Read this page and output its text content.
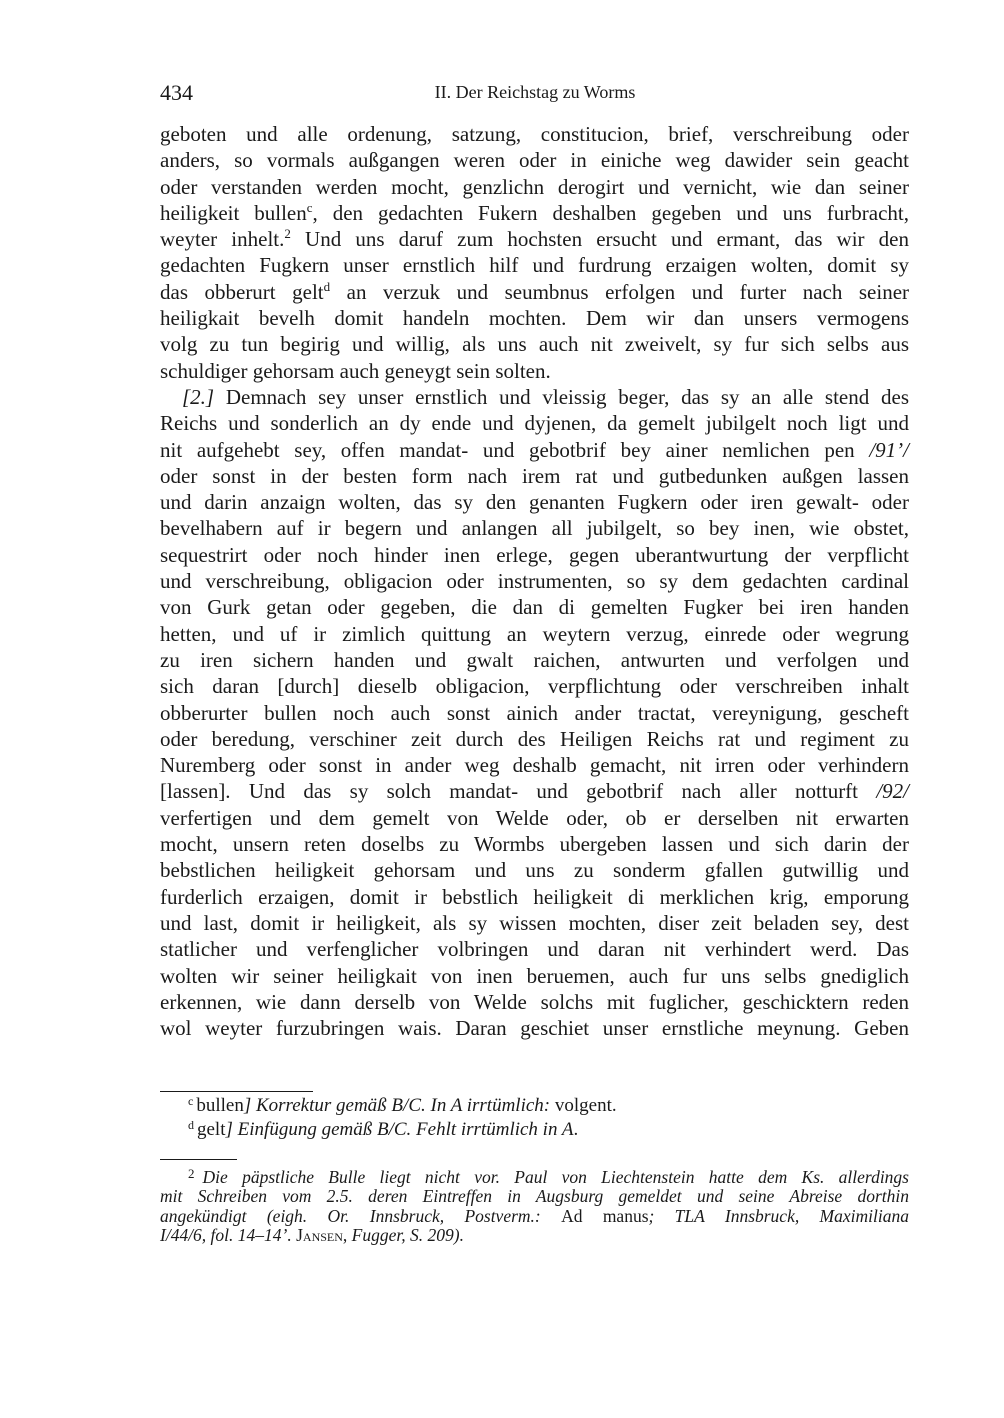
434	II. Der Reichstag zu Worms
geboten und alle ordenung, satzung, constitucion, brief, verschreibung oder
anders, so vormals außgangen weren oder in einiche weg dawider sein geacht
oder verstanden werden mocht, genzlichn derogirt und vernicht, wie dan seiner
heiligkeit bullen$^c$, den gedachten Fukern deshalben gegeben und uns furbracht,
weyter inhelt.$^2$ Und uns daruf zum hochsten ersucht und ermant, das wir den
gedachten Fugkern unser ernstlich hilf und furdrung erzaigen wolten, domit sy
das obberurt gelt$^d$ an verzuk und seumbnus erfolgen und furter nach seiner
heiligkait bevelh domit handeln mochten. Dem wir dan unsers vermogens
volg zu tun begirig und willig, als uns auch nit zweivelt, sy fur sich selbs aus
schuldiger gehorsam auch geneygt sein solten.
[2.] Demnach sey unser ernstlich und vleissig beger, das sy an alle stend des
Reichs und sonderlich an dy ende und dyjenen, da gemelt jubilgelt noch ligt und
nit aufgehebt sey, offen mandat- und gebotbrif bey ainer nemlichen pen /91’/
oder sonst in der besten form nach irem rat und gutbedunken außgen lassen
und darin anzaign wolten, das sy den genanten Fugkern oder iren gewalt- oder
bevelhabern auf ir begern und anlangen all jubilgelt, so bey inen, wie obstet,
sequestrirt oder noch hinder inen erlege, gegen uberantwurtung der verpflicht
und verschreibung, obligacion oder instrumenten, so sy dem gedachten cardinal
von Gurk getan oder gegeben, die dan di gemelten Fugker bei iren handen
hetten, und uf ir zimlich quittung an weytern verzug, einrede oder wegrung
zu iren sichern handen und gwalt raichen, antwurten und verfolgen und
sich daran [durch] dieselb obligacion, verpflichtung oder verschreiben inhalt
obberurter bullen noch auch sonst ainich ander tractat, vereynigung, gescheft
oder beredung, verschiner zeit durch des Heiligen Reichs rat und regiment zu
Nuremberg oder sonst in ander weg deshalb gemacht, nit irren oder verhindern
[lassen]. Und das sy solch mandat- und gebotbrif nach aller notturft /92/
verfertigen und dem gemelt von Welde oder, ob er derselben nit erwarten
mocht, unsern reten doselbs zu Wormbs ubergeben lassen und sich darin der
bebstlichen heiligkeit gehorsam und uns zu sonderm gfallen gutwillig und
furderlich erzaigen, domit ir bebstlich heiligkeit di merklichen krig, emporung
und last, domit ir heiligkeit, als sy wissen mochten, diser zeit beladen sey, dest
statlicher und verfenglicher volbringen und daran nit verhindert werd. Das
wolten wir seiner heiligkait von inen beruemen, auch fur uns selbs gnediglich
erkennen, wie dann derselb von Welde solchs mit fuglicher, geschicktern reden
wol weyter furzubringen wais. Daran geschiet unser ernstliche meynung. Geben
$^c$ bullen] Korrektur gemäß B/C. In A irrtümlich: volgent.
$^d$ gelt] Einfügung gemäß B/C. Fehlt irrtümlich in A.
$^2$ Die päpstliche Bulle liegt nicht vor. Paul von Liechtenstein hatte dem Ks. allerdings
mit Schreiben vom 2.5. deren Eintreffen in Augsburg gemeldet und seine Abreise dorthin
angekündigt (eigh. Or. Innsbruck, Postverm.: Ad manus; TLA Innsbruck, Maximiliana
I/44/6, fol. 14–14’. Jansen, Fugger, S. 209).
